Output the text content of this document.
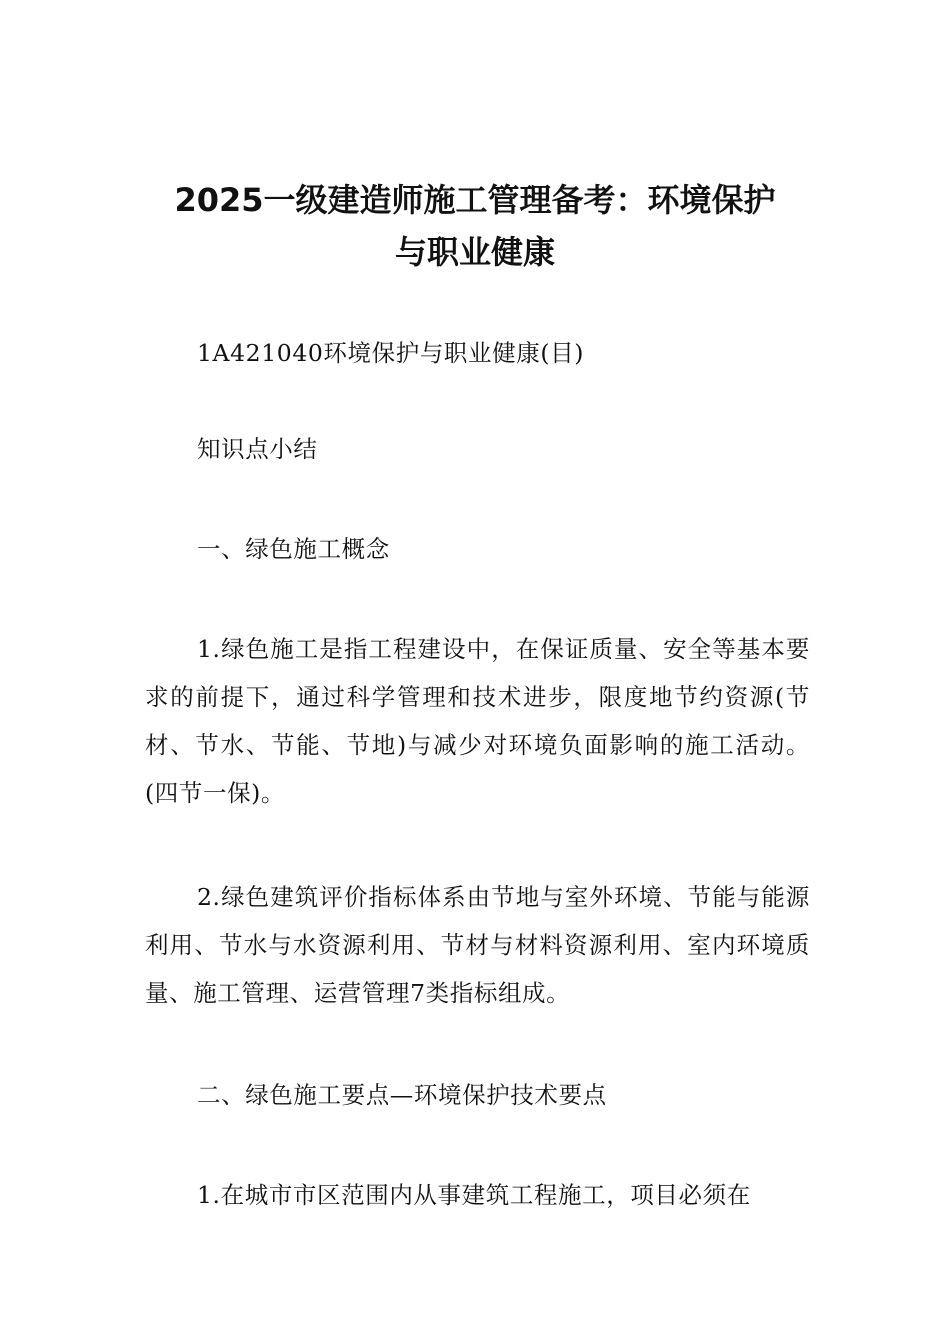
2025一级建造师施工管理备考：环境保护
与职业健康

1A421040环境保护与职业健康(目)

知识点小结

一、绿色施工概念

1.绿色施工是指工程建设中，在保证质量、安全等基本要求的前提下，通过科学管理和技术进步，限度地节约资源(节材、节水、节能、节地)与减少对环境负面影响的施工活动。(四节一保)。

2.绿色建筑评价指标体系由节地与室外环境、节能与能源利用、节水与水资源利用、节材与材料资源利用、室内环境质量、施工管理、运营管理7类指标组成。

二、绿色施工要点—环境保护技术要点

1.在城市市区范围内从事建筑工程施工，项目必须在
